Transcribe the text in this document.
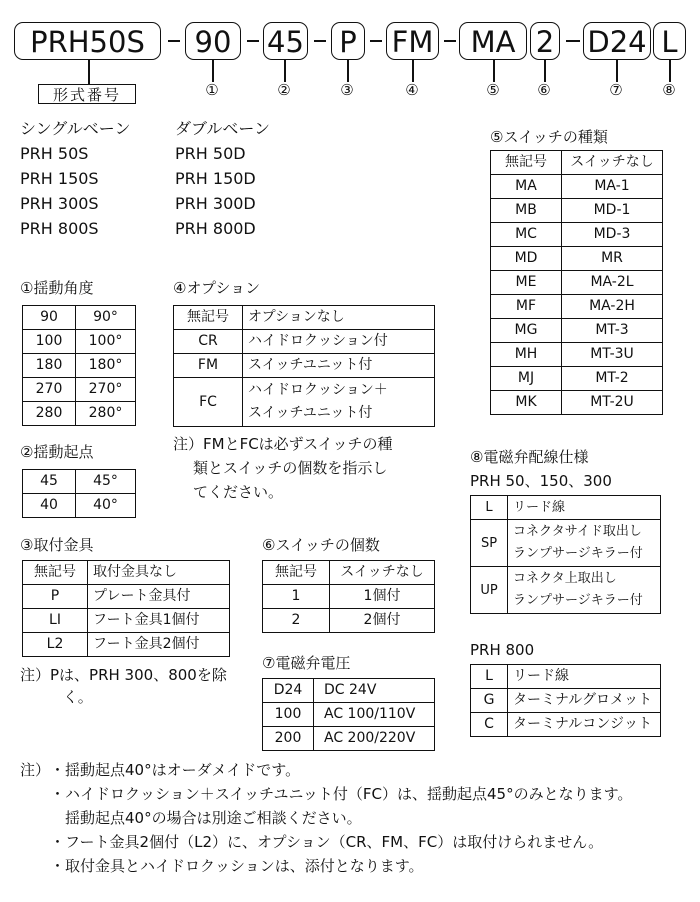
PRH50S	90	45 P FM	MA 2 D24 L
形式番号	①	②	③	④	⑤	⑥	⑦	⑧
シングルベーン
PRH 50S
PRH 150S
PRH 300S
PRH 800S
ダブルベーン
PRH 50D
PRH 150D
PRH 300D
PRH 800D
①揺動角度
90	90°
100	100°
180	180°
270	270°
280	280°
②揺動起点
45	45°
40	40°
③取付金具
無記号	取付金具なし
P	プレート金具付
LI	フート金具1個付
L2	フート金具2個付
注）Pは、PRH 300、800を除
く。
④オプション
無記号	オプションなし
CR	ハイドロクッション付
FM	スイッチユニット付
FC	ハイドロクッション＋
スイッチユニット付
注）FMとFCは必ずスイッチの種
類とスイッチの個数を指示し
てください。
⑥スイッチの個数
無記号	スイッチなし
1	1個付
2	2個付
⑦電磁弁電圧
D24	DC 24V
100	AC 100/110V
200	AC 200/220V
⑤スイッチの種類
無記号	スイッチなし
MA	MA-1
MB	MD-1
MC	MD-3
MD	MR
ME	MA-2L
MF	MA-2H
MG	MT-3
MH	MT-3U
MJ	MT-2
MK	MT-2U
⑧電磁弁配線仕様
PRH 50、150、300
L	リード線
SP	コネクタサイド取出し
ランプサージキラー付

UP	コネクタ上取出し
ランプサージキラー付
PRH 800
L	リード線
G	ターミナルグロメット
C	ターミナルコンジット
注） ・揺動起点40°はオーダメイドです。
・ハイドロクッション＋スイッチユニット付（FC）は、揺動起点45°のみとなります。
　揺動起点40°の場合は別途ご相談ください。
・フート金具2個付（L2）に、オプション（CR、FM、FC）は取付けられません。
・取付金具とハイドロクッションは、添付となります。
